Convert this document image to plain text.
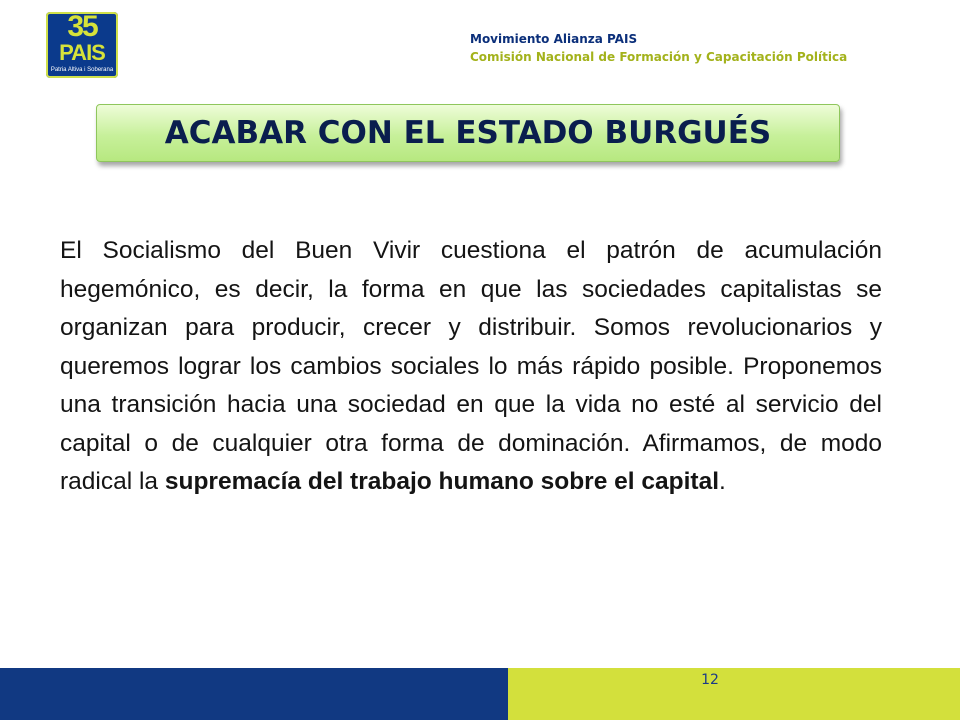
35
PAIS
Patria Altiva i Soberana
Movimiento Alianza PAIS
Comisión Nacional de Formación y Capacitación Política
ACABAR CON EL ESTADO BURGUÉS
El Socialismo del Buen Vivir cuestiona el patrón de acumulación hegemónico, es decir, la forma en que las sociedades capitalistas se organizan para producir, crecer y distribuir. Somos revolucionarios y queremos lograr los cambios sociales lo más rápido posible. Proponemos una transición hacia una sociedad en que la vida no esté al servicio del capital o de cualquier otra forma de dominación. Afirmamos, de modo radical la supremacía del trabajo humano sobre el capital.
12
